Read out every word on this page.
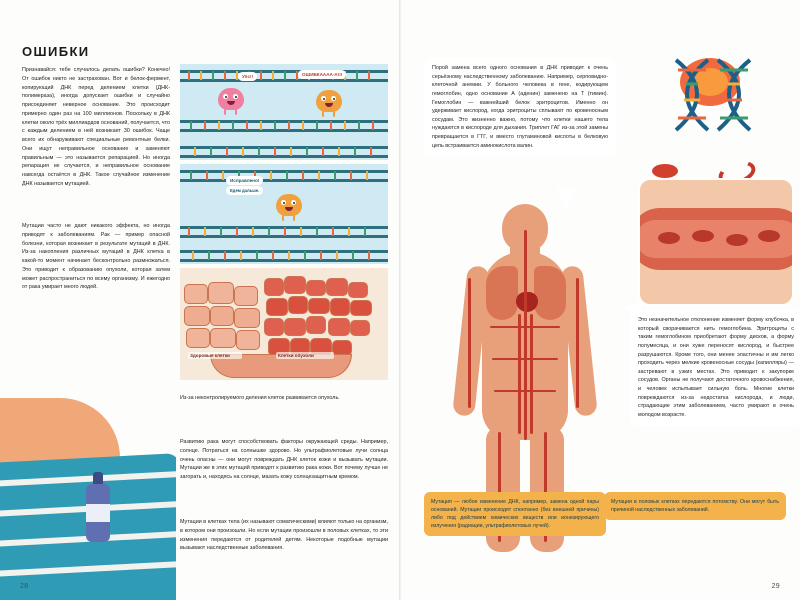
ОШИБКИ
Признавайся: тебе случалось делать ошибки? Конечно! От ошибок никто не застрахован. Вот и белок-фермент, копирующий ДНК перед делением клетки (ДНК-полимераза), иногда допускает ошибки и случайно присоединяет неверное основание. Это происходит примерно один раз на 100 миллионов. Поскольку в ДНК клетки около трёх миллиардов оснований, получается, что с каждым делением в ней возникает 30 ошибок. Чаще всего их обнаруживают специальные ремонтные белки. Они ищут неправильное основание и заменяют правильным — это называется репарацией. Но иногда репарация не случается, и неправильное основание навсегда остаётся в ДНК. Такое случайное изменение ДНК называется мутацией.
Мутации часто не дают никакого эффекта, но иногда приводят к заболеваниям. Рак — пример опасной болезни, которая возникает в результате мутаций в ДНК. Из-за накопления различных мутаций в ДНК клетка в какой-то момент начинает бесконтрольно размножаться. Это приводит к образованию опухоли, которая затем может распространиться по всему организму. И ежегодно от рака умирает много людей.
Упс!!	ОШИБКАААА-А!!!
Исправлено!
Едем дальше.
Здоровые клетки	Клетки опухоли
Из-за неконтролируемого деления клеток развивается опухоль.
Развитию рака могут способствовать факторы окружающей среды. Например, солнце. Потраться на солнышке здорово. Но ультрафиолетовые лучи солнца очень опасны — они могут повреждать ДНК клеток кожи и вызывать мутации. Мутации же в этих мутаций приводят к развитию рака кожи. Вот почему лучше не загорать и, находясь на солнце, мазать кожу солнцезащитным кремом.
Мутации в клетках тела (их называют соматическими) влияют только на организм, в котором они произошли. Но если мутации произошли в половых клетках, то эти изменения передаются от родителей детям. Некоторые подобные мутации вызывают наследственные заболевания.
28
Порой замена всего одного основания в ДНК приводит к очень серьёзному наследственному заболеванию. Например, серповидно-клеточной анемии. У больного человека в гене, кодирующем гемоглобин, одно основание А (аденин) заменено на Т (тимин). Гемоглобин — важнейший белок эритроцитов. Именно он удерживает кислород, когда эритроциты сплывают по кровеносным сосудам. Это жизненно важно, потому что клетки нашего тела нуждаются в кислороде для дыхания. Триплет ГАГ из-за этой замены превращается в ГТГ, и вместо глутаминовой кислоты в белковую цепь встраивается аминокислота валин.
Это незначительное отклонение изменяет форму клубочка, в который сворачивается нить гемоглобина. Эритроциты с таким гемоглобином приобретают форму дисков, а форму полумесяца, и они хуже переносят кислород, и быстрее разрушаются. Кроме того, они менее эластичны и им легко проходить через мелкие кровеносные сосуды (капилляры) — застревают в узких местах. Это приводит к закупорке сосудов. Органы не получают достаточного кровоснабжения, и человек испытывает сильную боль. Многие клетки повреждаются из-за недостатка кислорода, и люди, страдающие этим заболеванием, часто умирают в очень молодом возрасте.
Мутация — любое изменение ДНК, например, замена одной пары оснований. Мутации происходят спонтанно (без внешней причины) либо под действием химических веществ или ионизирующего излучения (радиации, ультрафиолетовых лучей).
Мутации в половых клетках передаются потомству. Они могут быть причиной наследственных заболеваний.
29
